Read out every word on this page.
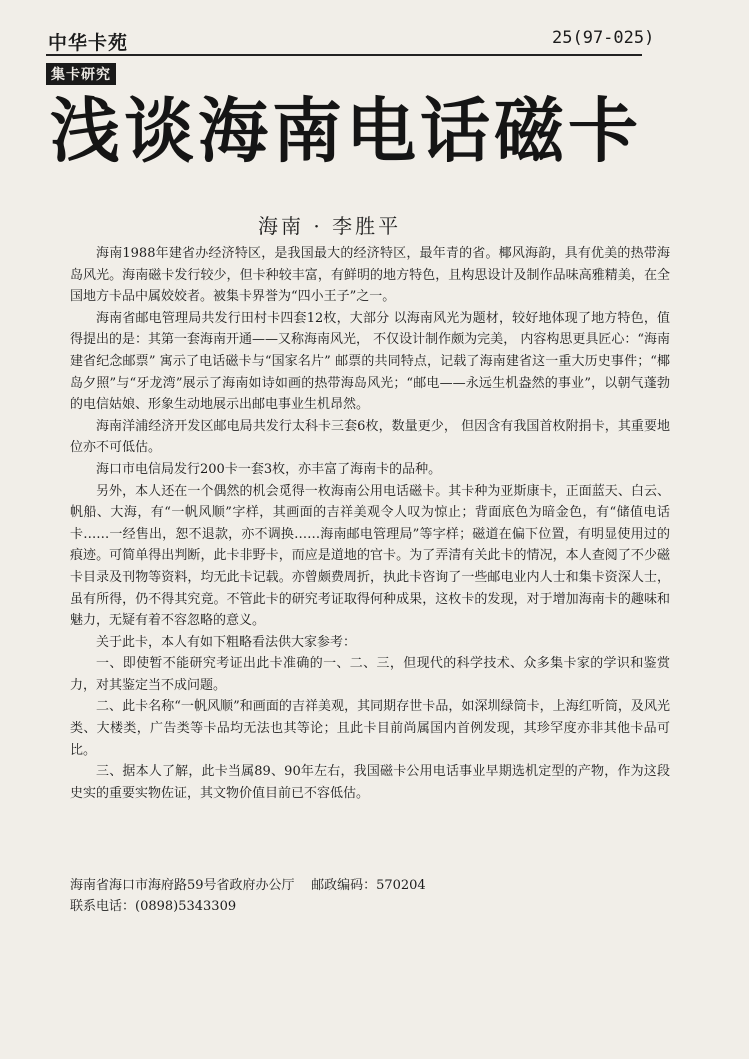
中华卡苑	25(97-025)
集卡研究
浅谈海南电话磁卡
海南 · 李胜平

海南1988年建省办经济特区，是我国最大的经济特区，最年青的省。椰风海韵，具有优美的热带海岛风光。海南磁卡发行较少，但卡种较丰富，有鲜明的地方特色，且构思设计及制作品味高雅精美，在全国地方卡品中属姣姣者。被集卡界誉为“四小王子”之一。

海南省邮电管理局共发行田村卡四套12枚，大部分 以海南风光为题材，较好地体现了地方特色，值得提出的是：其第一套海南开通——又称海南风光， 不仅设计制作颇为完美， 内容构思更具匠心：“海南建省纪念邮票” 寓示了电话磁卡与“国家名片” 邮票的共同特点，记载了海南建省这一重大历史事件；“椰岛夕照”与“牙龙湾”展示了海南如诗如画的热带海岛风光；“邮电——永远生机盎然的事业”，以朝气蓬勃的电信姑娘、形象生动地展示出邮电事业生机昂然。

海南洋浦经济开发区邮电局共发行太科卡三套6枚，数量更少， 但因含有我国首枚附捐卡，其重要地位亦不可低估。

海口市电信局发行200卡一套3枚，亦丰富了海南卡的品种。

另外，本人还在一个偶然的机会觅得一枚海南公用电话磁卡。其卡种为亚斯康卡，正面蓝天、白云、帆船、大海，有“一帆风顺”字样，其画面的吉祥美观令人叹为惊止；背面底色为暗金色，有“储值电话卡……一经售出，恕不退款，亦不调换……海南邮电管理局”等字样；磁道在偏下位置，有明显使用过的痕迹。可简单得出判断，此卡非野卡，而应是道地的官卡。为了弄清有关此卡的情况，本人查阅了不少磁卡目录及刊物等资料，均无此卡记载。亦曾颇费周折，执此卡咨询了一些邮电业内人士和集卡资深人士，虽有所得，仍不得其究竟。不管此卡的研究考证取得何种成果，这枚卡的发现，对于增加海南卡的趣味和魅力，无疑有着不容忽略的意义。

关于此卡，本人有如下粗略看法供大家参考：

一、即使暂不能研究考证出此卡准确的一、二、三，但现代的科学技术、众多集卡家的学识和鉴赏力，对其鉴定当不成问题。

二、此卡名称“一帆风顺”和画面的吉祥美观，其同期存世卡品，如深圳绿筒卡，上海红听筒，及风光类、大楼类，广告类等卡品均无法也其等论；且此卡目前尚属国内首例发现，其珍罕度亦非其他卡品可比。

三、据本人了解，此卡当属89、90年左右，我国磁卡公用电话事业早期选机定型的产物，作为这段史实的重要实物佐证，其文物价值目前已不容低估。

海南省海口市海府路59号省政府办公厅    邮政编码：570204
联系电话：(0898)5343309
